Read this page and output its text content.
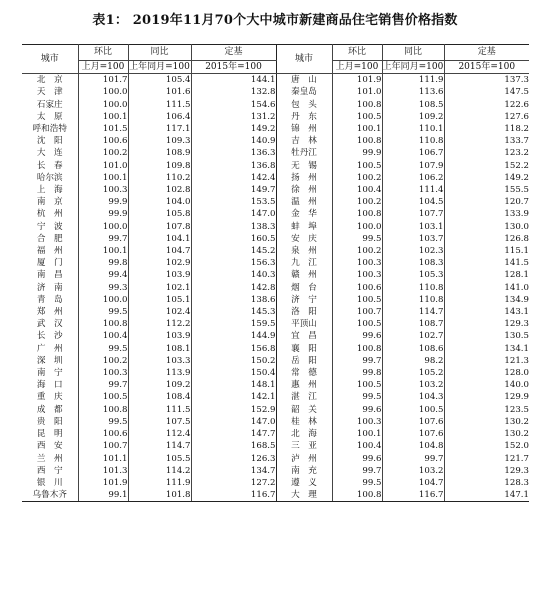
表1： 2019年11月70个大中城市新建商品住宅销售价格指数
城市	环比	同比	定基	城市	环比	同比	定基
	上月=100	上年同月=100	2015年=100		上月=100	上年同月=100	2015年=100
北　京	101.7	105.4	144.1	唐　山	101.9	111.9	137.3
天　津	100.0	101.6	132.8	秦皇岛	101.0	113.6	147.5
石家庄	100.0	111.5	154.6	包　头	100.8	108.5	122.6
太　原	100.1	106.4	131.2	丹　东	100.5	109.2	127.6
呼和浩特	101.5	117.1	149.2	锦　州	100.1	110.1	118.2
沈　阳	100.6	109.3	140.9	吉　林	100.8	110.8	133.7
大　连	100.2	108.9	136.3	牡丹江	99.9	106.7	123.2
长　春	101.0	109.8	136.8	无　锡	100.5	107.9	152.2
哈尔滨	100.1	110.2	142.4	扬　州	100.2	106.2	149.2
上　海	100.3	102.8	149.7	徐　州	100.4	111.4	155.5
南　京	99.9	104.0	153.5	温　州	100.2	104.5	120.7
杭　州	99.9	105.8	147.0	金　华	100.8	107.7	133.9
宁　波	100.0	107.8	138.3	蚌　埠	100.0	103.1	130.0
合　肥	99.7	104.1	160.5	安　庆	99.5	103.7	126.8
福　州	100.1	104.7	145.2	泉　州	100.2	102.3	115.1
厦　门	99.8	102.9	156.3	九　江	100.3	108.3	141.5
南　昌	99.4	103.9	140.3	赣　州	100.3	105.3	128.1
济　南	99.3	102.1	142.8	烟　台	100.6	110.8	141.0
青　岛	100.0	105.1	138.6	济　宁	100.5	110.8	134.9
郑　州	99.5	102.4	145.3	洛　阳	100.7	114.7	143.1
武　汉	100.8	112.2	159.5	平顶山	100.5	108.7	129.3
长　沙	100.4	103.9	144.9	宜　昌	99.6	102.7	130.5
广　州	99.5	108.1	156.8	襄　阳	100.8	108.6	134.1
深　圳	100.2	103.3	150.2	岳　阳	99.7	98.2	121.3
南　宁	100.3	113.9	150.4	常　德	99.8	105.2	128.0
海　口	99.7	109.2	148.1	惠　州	100.5	103.2	140.0
重　庆	100.5	108.4	142.1	湛　江	99.5	104.3	129.9
成　都	100.8	111.5	152.9	韶　关	99.6	100.5	123.5
贵　阳	99.5	107.5	147.0	桂　林	100.3	107.6	130.2
昆　明	100.6	112.4	147.7	北　海	100.1	107.6	130.2
西　安	100.7	114.7	168.5	三　亚	100.4	104.8	152.0
兰　州	101.1	105.5	126.3	泸　州	99.6	99.7	121.7
西　宁	101.3	114.2	134.7	南　充	99.7	103.2	129.3
银　川	101.9	111.9	127.2	遵　义	99.5	104.7	128.3
乌鲁木齐	99.1	101.8	116.7	大　理	100.8	116.7	147.1
